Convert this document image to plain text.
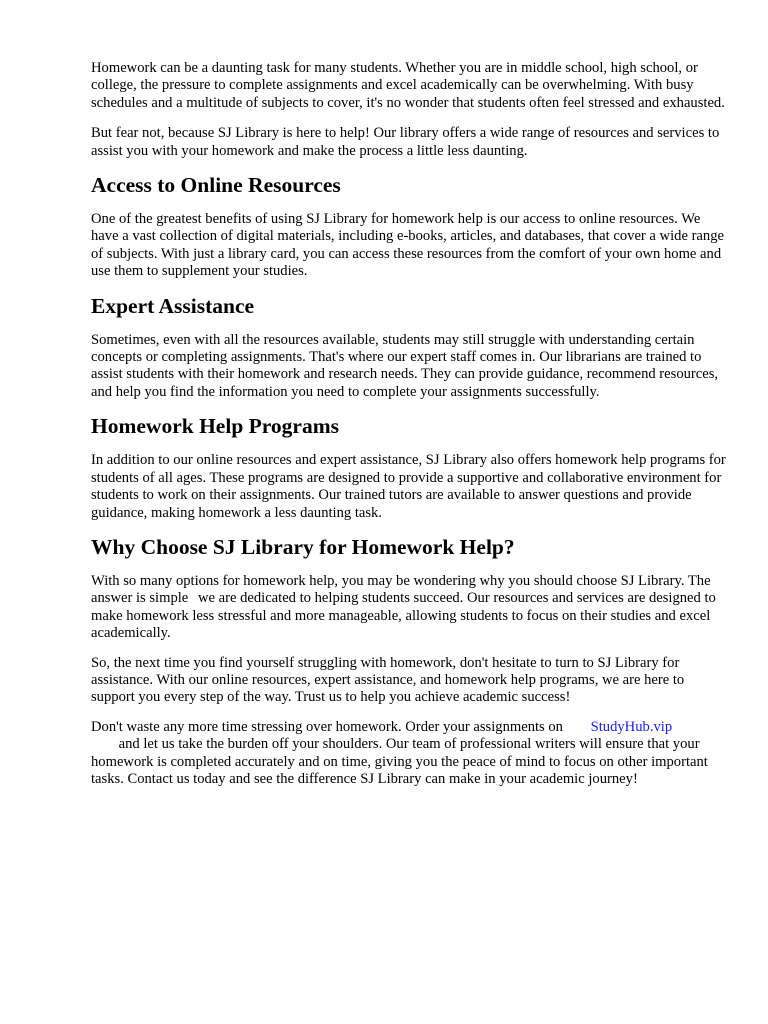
Homework can be a daunting task for many students. Whether you are in middle school, high school, or college, the pressure to complete assignments and excel academically can be overwhelming. With busy schedules and a multitude of subjects to cover, it's no wonder that students often feel stressed and exhausted.

But fear not, because SJ Library is here to help! Our library offers a wide range of resources and services to assist you with your homework and make the process a little less daunting.

Access to Online Resources

One of the greatest benefits of using SJ Library for homework help is our access to online resources. We have a vast collection of digital materials, including e-books, articles, and databases, that cover a wide range of subjects. With just a library card, you can access these resources from the comfort of your own home and use them to supplement your studies.

Expert Assistance

Sometimes, even with all the resources available, students may still struggle with understanding certain concepts or completing assignments. That's where our expert staff comes in. Our librarians are trained to assist students with their homework and research needs. They can provide guidance, recommend resources, and help you find the information you need to complete your assignments successfully.

Homework Help Programs

In addition to our online resources and expert assistance, SJ Library also offers homework help programs for students of all ages. These programs are designed to provide a supportive and collaborative environment for students to work on their assignments. Our trained tutors are available to answer questions and provide guidance, making homework a less daunting task.

Why Choose SJ Library for Homework Help?

With so many options for homework help, you may be wondering why you should choose SJ Library. The answer is simple we are dedicated to helping students succeed. Our resources and services are designed to make homework less stressful and more manageable, allowing students to focus on their studies and excel academically.

So, the next time you find yourself struggling with homework, don't hesitate to turn to SJ Library for assistance. With our online resources, expert assistance, and homework help programs, we are here to support you every step of the way. Trust us to help you achieve academic success!

Don't waste any more time stressing over homework. Order your assignments on StudyHub.vip
and let us take the burden off your shoulders. Our team of professional writers will ensure that your homework is completed accurately and on time, giving you the peace of mind to focus on other important tasks. Contact us today and see the difference SJ Library can make in your academic journey!
